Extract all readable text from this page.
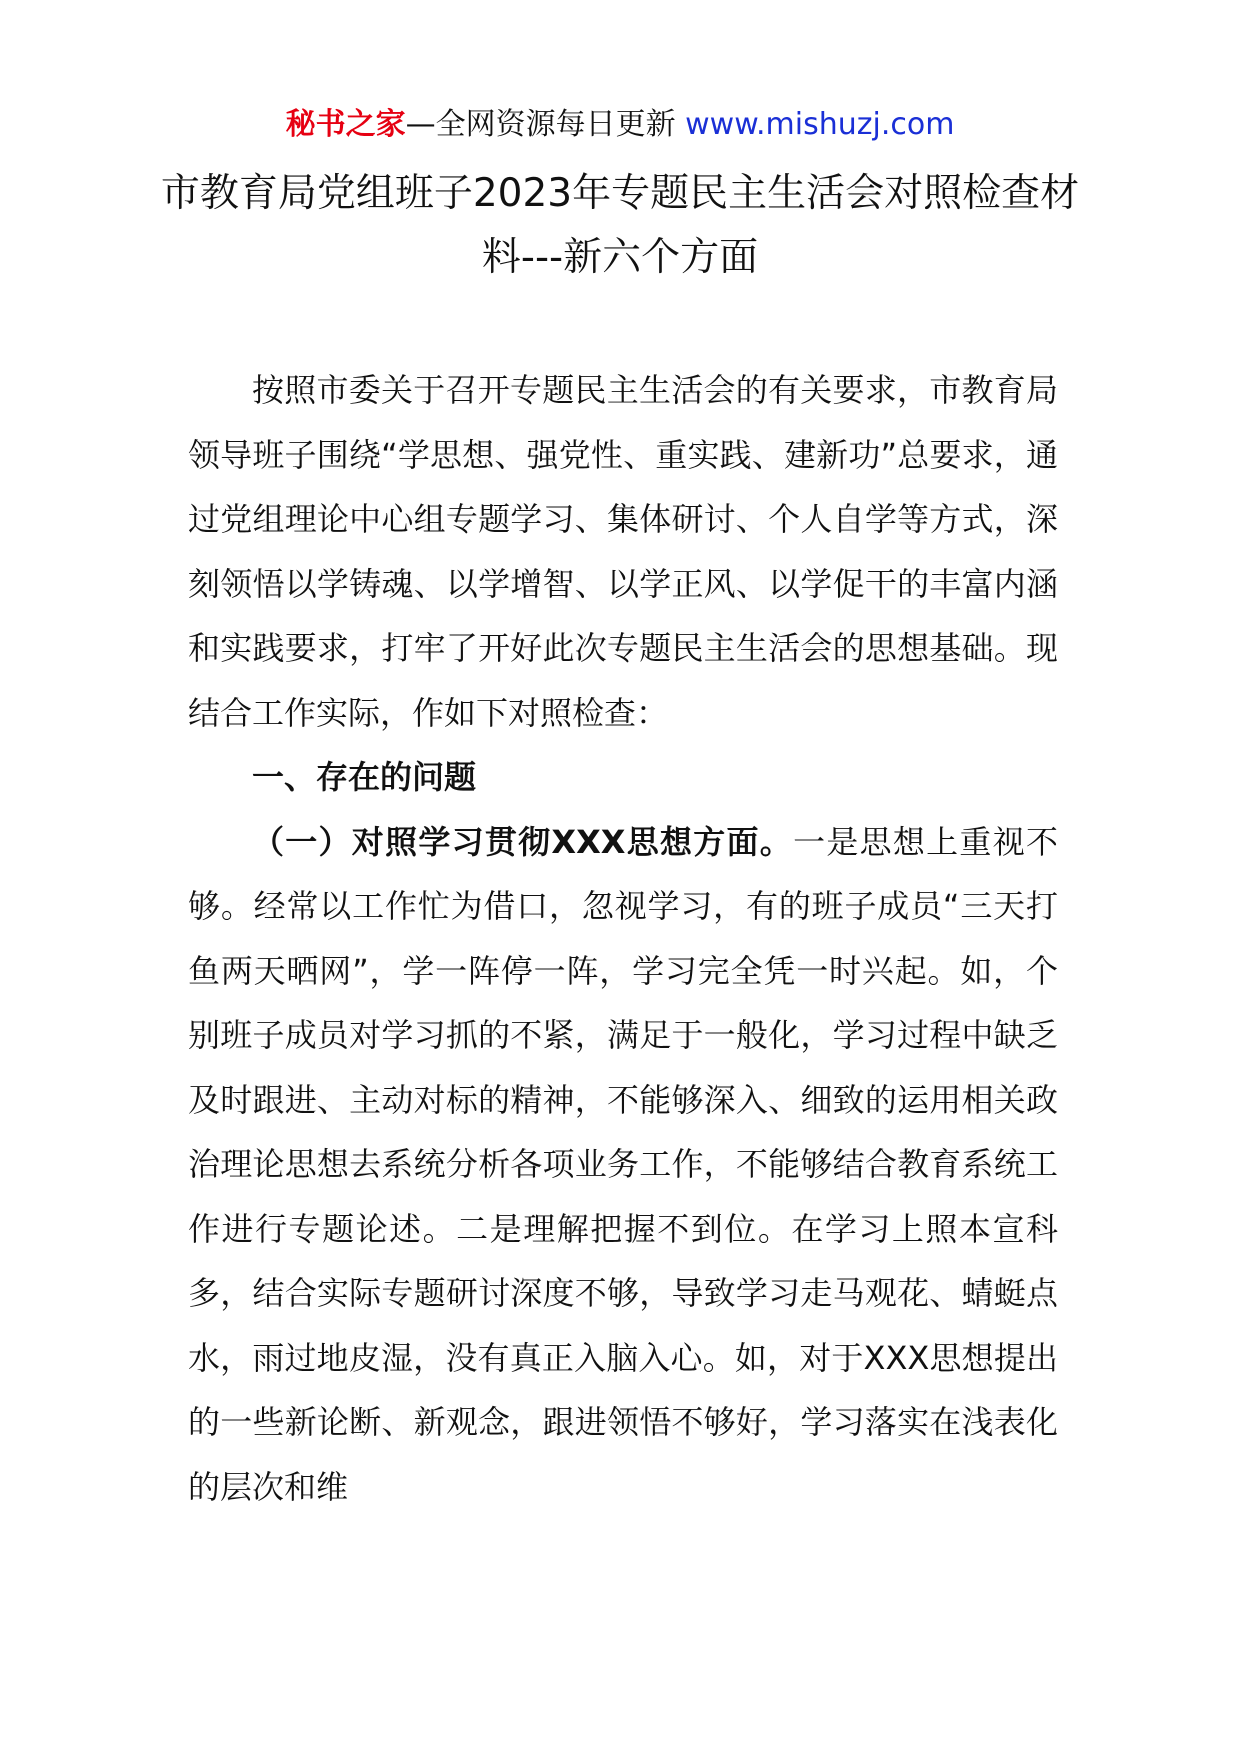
秘书之家—全网资源每日更新 www.mishuzj.com
市教育局党组班子2023年专题民主生活会对照检查材料---新六个方面

按照市委关于召开专题民主生活会的有关要求，市教育局领导班子围绕“学思想、强党性、重实践、建新功”总要求，通过党组理论中心组专题学习、集体研讨、个人自学等方式，深刻领悟以学铸魂、以学增智、以学正风、以学促干的丰富内涵和实践要求，打牢了开好此次专题民主生活会的思想基础。现结合工作实际，作如下对照检查：

一、存在的问题

（一）对照学习贯彻XXX思想方面。一是思想上重视不够。经常以工作忙为借口，忽视学习，有的班子成员“三天打鱼两天晒网”，学一阵停一阵，学习完全凭一时兴起。如，个别班子成员对学习抓的不紧，满足于一般化，学习过程中缺乏及时跟进、主动对标的精神，不能够深入、细致的运用相关政治理论思想去系统分析各项业务工作，不能够结合教育系统工作进行专题论述。二是理解把握不到位。在学习上照本宣科多，结合实际专题研讨深度不够，导致学习走马观花、蜻蜓点水，雨过地皮湿，没有真正入脑入心。如，对于XXX思想提出的一些新论断、新观念，跟进领悟不够好，学习落实在浅表化的层次和维
